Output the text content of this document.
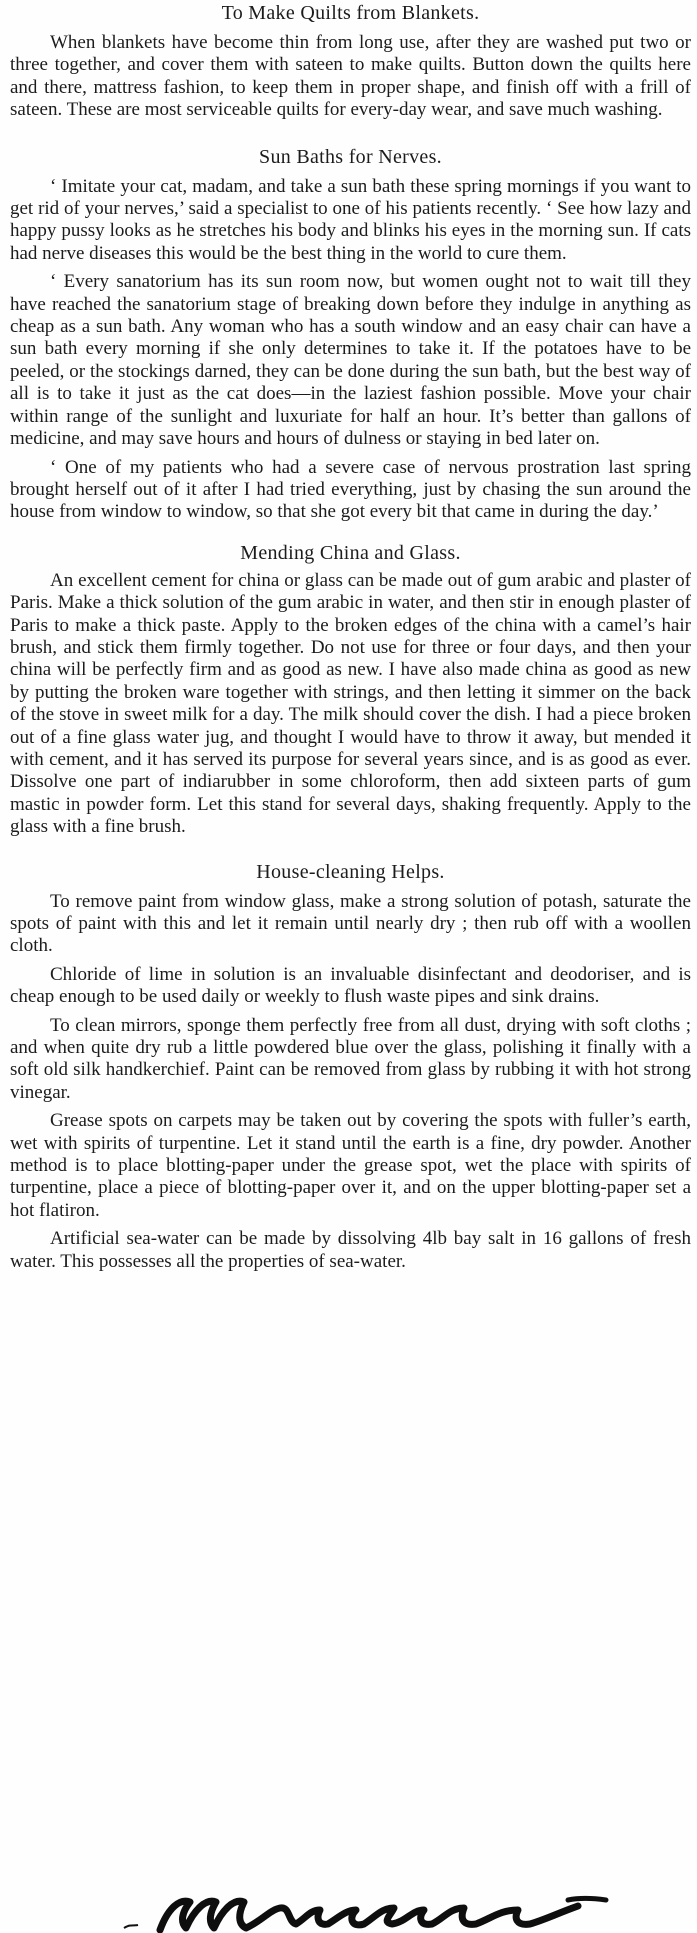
To Make Quilts from Blankets.

When blankets have become thin from long use, after they are washed put two or three together, and cover them with sateen to make quilts. Button down the quilts here and there, mattress fashion, to keep them in proper shape, and finish off with a frill of sateen. These are most serviceable quilts for every-day wear, and save much washing.

Sun Baths for Nerves.

‘ Imitate your cat, madam, and take a sun bath these spring mornings if you want to get rid of your nerves,’ said a specialist to one of his patients recently. ‘ See how lazy and happy pussy looks as he stretches his body and blinks his eyes in the morning sun. If cats had nerve diseases this would be the best thing in the world to cure them.

‘ Every sanatorium has its sun room now, but women ought not to wait till they have reached the sanatorium stage of breaking down before they indulge in anything as cheap as a sun bath. Any woman who has a south window and an easy chair can have a sun bath every morning if she only determines to take it. If the potatoes have to be peeled, or the stockings darned, they can be done during the sun bath, but the best way of all is to take it just as the cat does—in the laziest fashion possible. Move your chair within range of the sunlight and luxuriate for half an hour. It’s better than gallons of medicine, and may save hours and hours of dulness or staying in bed later on.

‘ One of my patients who had a severe case of nervous prostration last spring brought herself out of it after I had tried everything, just by chasing the sun around the house from window to window, so that she got every bit that came in during the day.’

Mending China and Glass.

An excellent cement for china or glass can be made out of gum arabic and plaster of Paris. Make a thick solution of the gum arabic in water, and then stir in enough plaster of Paris to make a thick paste. Apply to the broken edges of the china with a camel’s hair brush, and stick them firmly together. Do not use for three or four days, and then your china will be perfectly firm and as good as new. I have also made china as good as new by putting the broken ware together with strings, and then letting it simmer on the back of the stove in sweet milk for a day. The milk should cover the dish. I had a piece broken out of a fine glass water jug, and thought I would have to throw it away, but mended it with cement, and it has served its purpose for several years since, and is as good as ever. Dissolve one part of indiarubber in some chloroform, then add sixteen parts of gum mastic in powder form. Let this stand for several days, shaking frequently. Apply to the glass with a fine brush.

House-cleaning Helps.

To remove paint from window glass, make a strong solution of potash, saturate the spots of paint with this and let it remain until nearly dry ; then rub off with a woollen cloth.

Chloride of lime in solution is an invaluable disinfectant and deodoriser, and is cheap enough to be used daily or weekly to flush waste pipes and sink drains.

To clean mirrors, sponge them perfectly free from all dust, drying with soft cloths ; and when quite dry rub a little powdered blue over the glass, polishing it finally with a soft old silk handkerchief. Paint can be removed from glass by rubbing it with hot strong vinegar.

Grease spots on carpets may be taken out by covering the spots with fuller’s earth, wet with spirits of turpentine. Let it stand until the earth is a fine, dry powder. Another method is to place blotting-paper under the grease spot, wet the place with spirits of turpentine, place a piece of blotting-paper over it, and on the upper blotting-paper set a hot flatiron.

Artificial sea-water can be made by dissolving 4lb bay salt in 16 gallons of fresh water. This possesses all the properties of sea-water.
